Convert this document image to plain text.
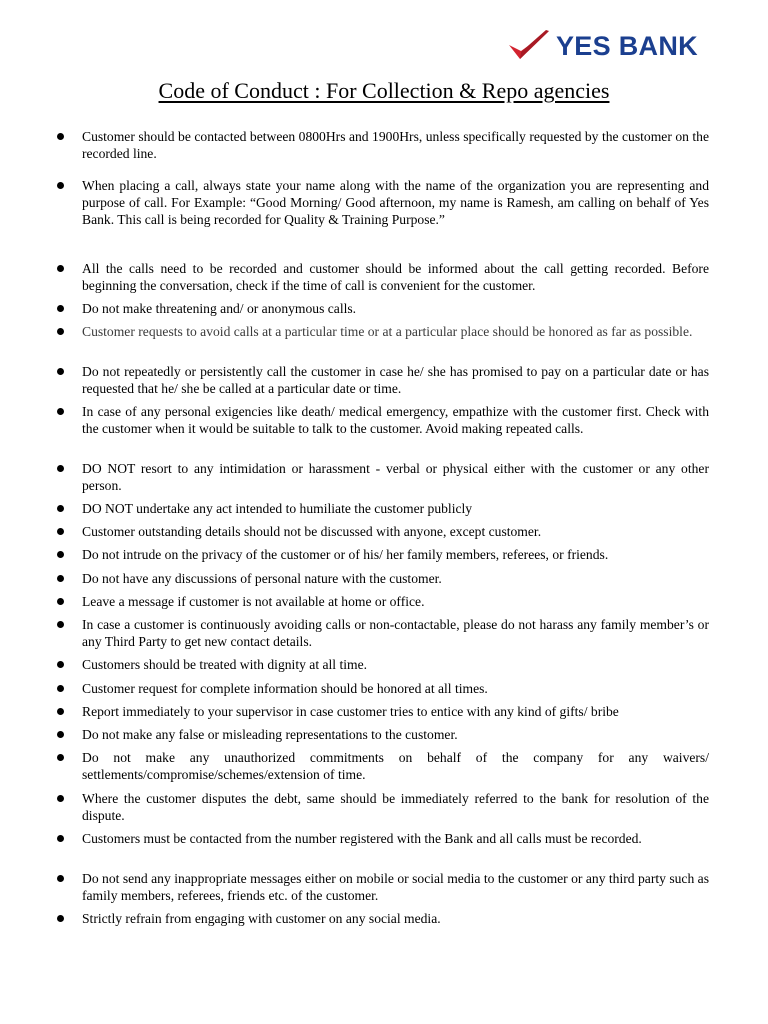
YES BANK
Code of Conduct : For Collection & Repo agencies
Customer should be contacted between 0800Hrs and 1900Hrs, unless specifically requested by the customer on the recorded line.
When placing a call, always state your name along with the name of the organization you are representing and purpose of call. For Example: “Good Morning/ Good afternoon, my name is Ramesh, am calling on behalf of Yes Bank. This call is being recorded for Quality & Training Purpose.”
All the calls need to be recorded and customer should be informed about the call getting recorded. Before beginning the conversation, check if the time of call is convenient for the customer.
Do not make threatening and/ or anonymous calls.
Customer requests to avoid calls at a particular time or at a particular place should be honored as far as possible.
Do not repeatedly or persistently call the customer in case he/ she has promised to pay on a particular date or has requested that he/ she be called at a particular date or time.
In case of any personal exigencies like death/ medical emergency, empathize with the customer first. Check with the customer when it would be suitable to talk to the customer. Avoid making repeated calls.
DO NOT resort to any intimidation or harassment - verbal or physical either with the customer or any other person.
DO NOT undertake any act intended to humiliate the customer publicly
Customer outstanding details should not be discussed with anyone, except customer.
Do not intrude on the privacy of the customer or of his/ her family members, referees, or friends.
Do not have any discussions of personal nature with the customer.
Leave a message if customer is not available at home or office.
In case a customer is continuously avoiding calls or non-contactable, please do not harass any family member’s or any Third Party to get new contact details.
Customers should be treated with dignity at all time.
Customer request for complete information should be honored at all times.
Report immediately to your supervisor in case customer tries to entice with any kind of gifts/ bribe
Do not make any false or misleading representations to the customer.
Do not make any unauthorized commitments on behalf of the company for any waivers/ settlements/compromise/schemes/extension of time.
Where the customer disputes the debt, same should be immediately referred to the bank for resolution of the dispute.
Customers must be contacted from the number registered with the Bank and all calls must be recorded.
Do not send any inappropriate messages either on mobile or social media to the customer or any third party such as family members, referees, friends etc. of the customer.
Strictly refrain from engaging with customer on any social media.
